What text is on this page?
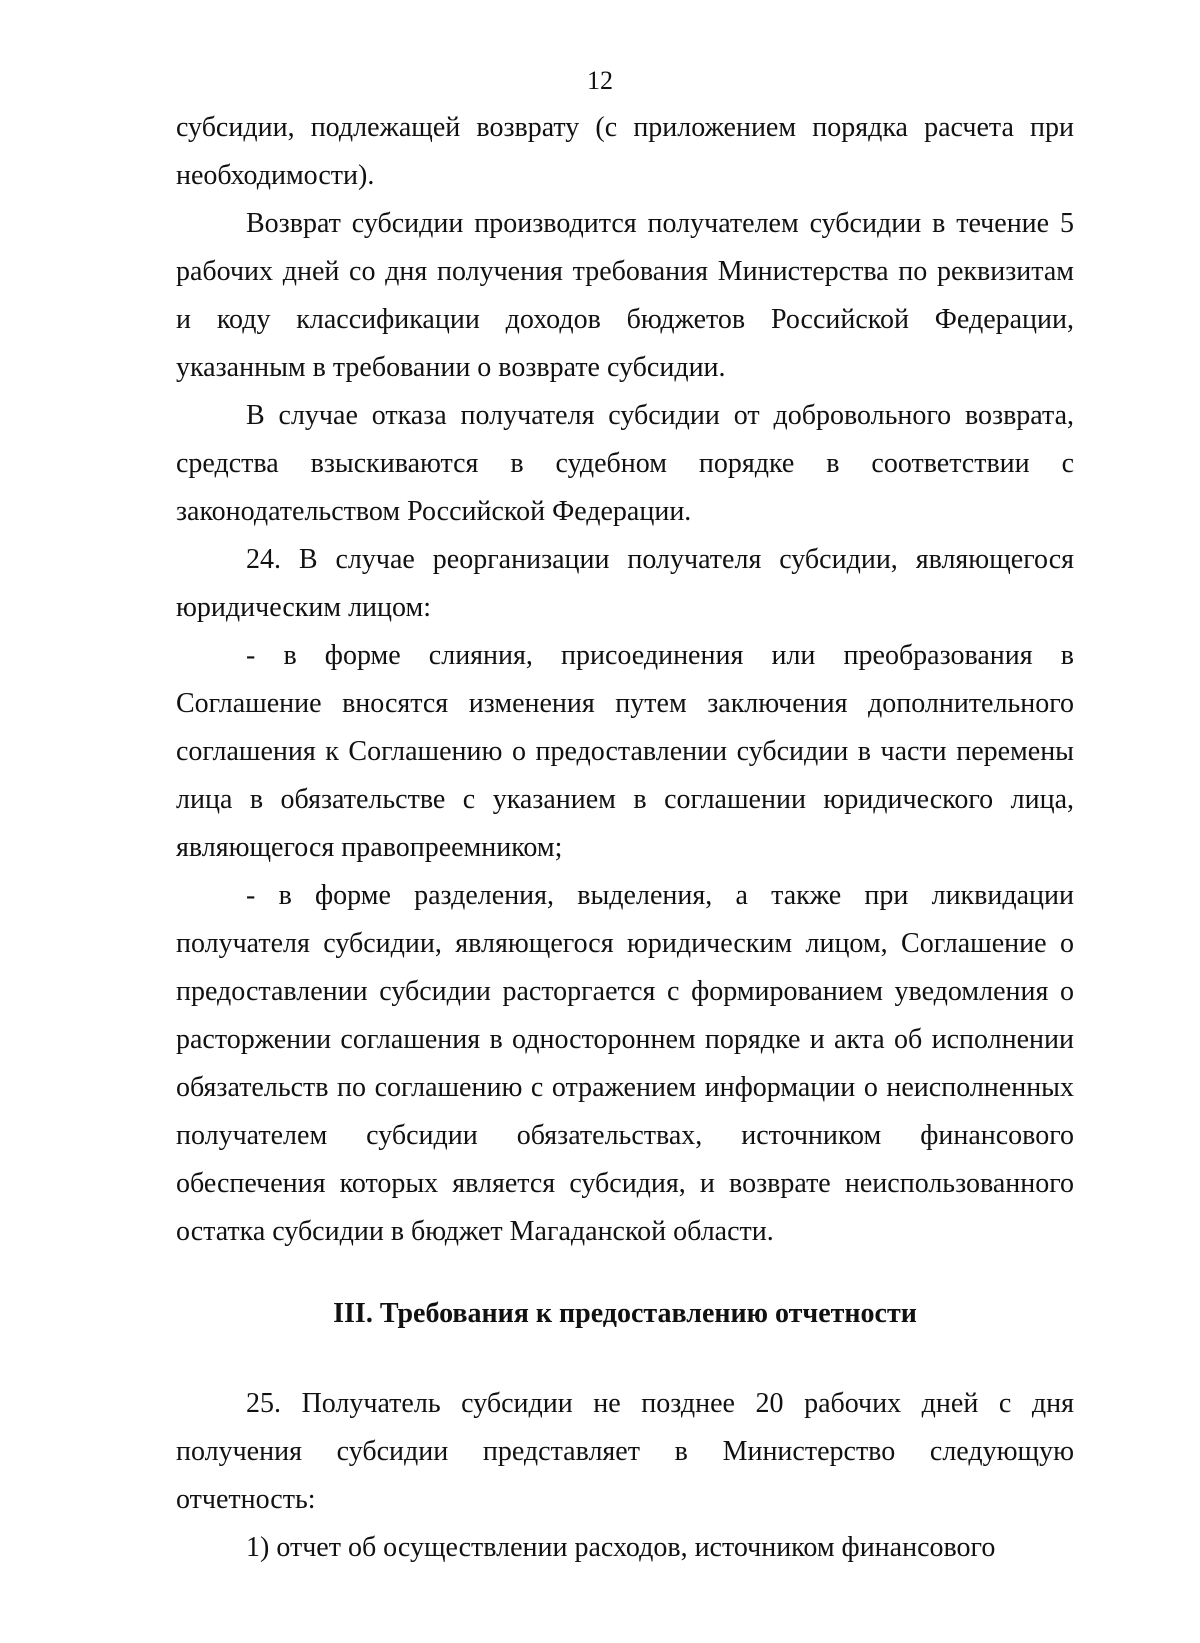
12

субсидии, подлежащей возврату (с приложением порядка расчета при необходимости).

Возврат субсидии производится получателем субсидии в течение 5 рабочих дней со дня получения требования Министерства по реквизитам и коду классификации доходов бюджетов Российской Федерации, указанным в требовании о возврате субсидии.

В случае отказа получателя субсидии от добровольного возврата, средства взыскиваются в судебном порядке в соответствии с законодательством Российской Федерации.

24. В случае реорганизации получателя субсидии, являющегося юридическим лицом:

- в форме слияния, присоединения или преобразования в Соглашение вносятся изменения путем заключения дополнительного соглашения к Соглашению о предоставлении субсидии в части перемены лица в обязательстве с указанием в соглашении юридического лица, являющегося правопреемником;

- в форме разделения, выделения, а также при ликвидации получателя субсидии, являющегося юридическим лицом, Соглашение о предоставлении субсидии расторгается с формированием уведомления о расторжении соглашения в одностороннем порядке и акта об исполнении обязательств по соглашению с отражением информации о неисполненных получателем субсидии обязательствах, источником финансового обеспечения которых является субсидия, и возврате неиспользованного остатка субсидии в бюджет Магаданской области.

III. Требования к предоставлению отчетности

25. Получатель субсидии не позднее 20 рабочих дней с дня получения субсидии представляет в Министерство следующую отчетность:

1) отчет об осуществлении расходов, источником финансового
